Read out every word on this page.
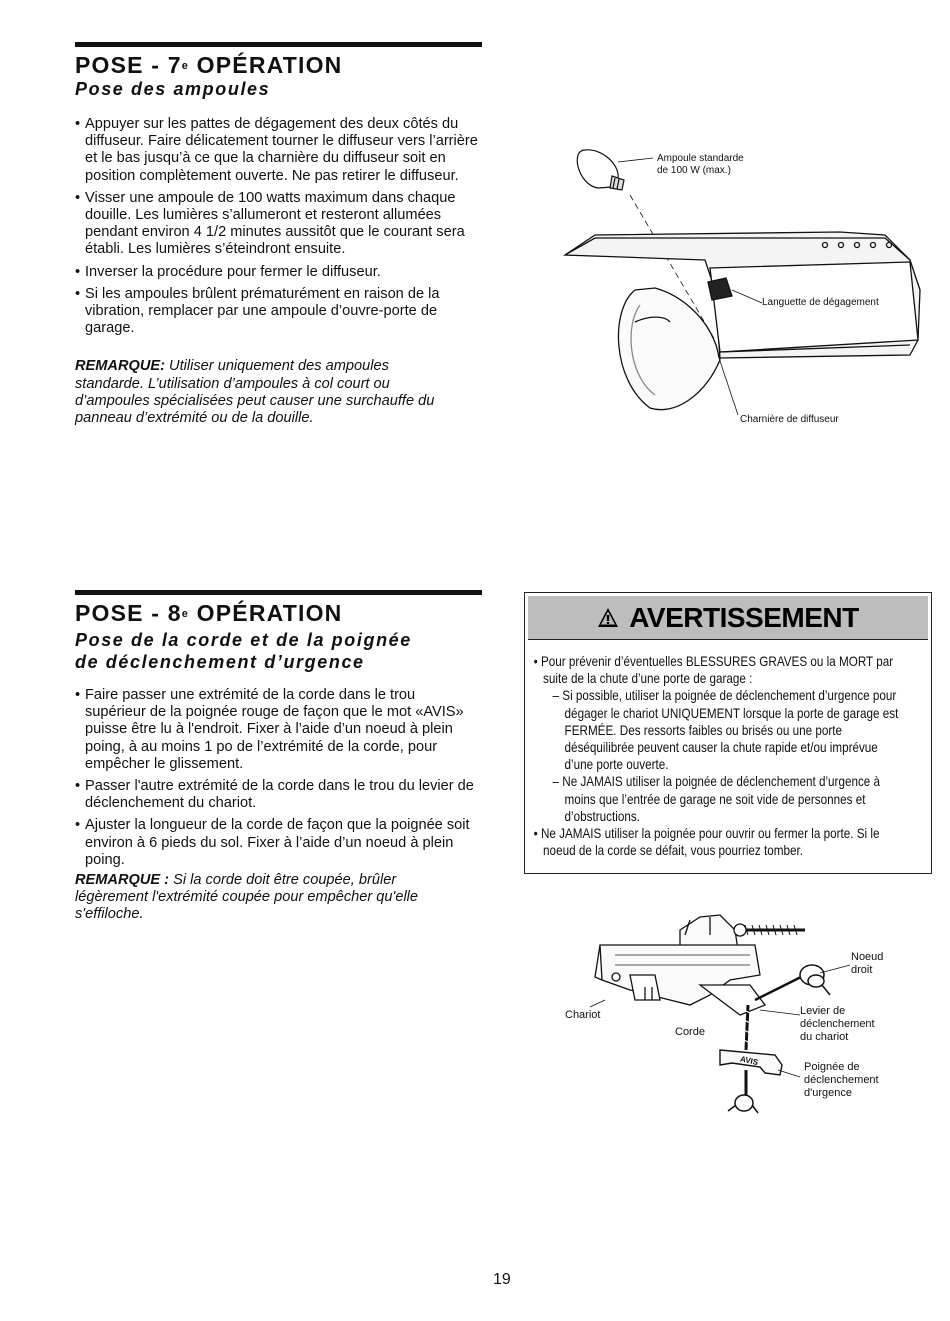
POSE - 7e OPÉRATION
Pose des ampoules
• Appuyer sur les pattes de dégagement des deux côtés du diffuseur. Faire délicatement tourner le diffuseur vers l’arrière et le bas jusqu’à ce que la charnière du diffuseur soit en position complètement ouverte. Ne pas retirer le diffuseur.
• Visser une ampoule de 100 watts maximum dans chaque douille. Les lumières s’allumeront et resteront allumées pendant environ 4 1/2 minutes aussitôt que le courant sera établi. Les lumières s’éteindront ensuite.
• Inverser la procédure pour fermer le diffuseur.
• Si les ampoules brûlent prématurément en raison de la vibration, remplacer par une ampoule d’ouvre-porte de garage.

REMARQUE: Utiliser uniquement des ampoules standarde. L’utilisation d’ampoules à col court ou d’ampoules spécialisées peut causer une surchauffe du panneau d’extrémité ou de la douille.

Ampoule standarde
de 100 W (max.)
Languette de dégagement
Charnière de diffuseur
POSE - 8e OPÉRATION
Pose de la corde et de la poignée
de déclenchement d’urgence
• Faire passer une extrémité de la corde dans le trou supérieur de la poignée rouge de façon que le mot «AVIS» puisse être lu à l'endroit. Fixer à l’aide d’un noeud à plein poing, à au moins 1 po de l’extrémité de la corde, pour empêcher le glissement.
• Passer l'autre extrémité de la corde dans le trou du levier de déclenchement du chariot.
• Ajuster la longueur de la corde de façon que la poignée soit environ à 6 pieds du sol. Fixer à l’aide d’un noeud à plein poing.

REMARQUE : Si la corde doit être coupée, brûler légèrement l'extrémité coupée pour empêcher qu'elle s'effiloche.

AVERTISSEMENT
• Pour prévenir d’éventuelles BLESSURES GRAVES ou la MORT par suite de la chute d’une porte de garage :
– Si possible, utiliser la poignée de déclenchement d’urgence pour dégager le chariot UNIQUEMENT lorsque la porte de garage est FERMÉE. Des ressorts faibles ou brisés ou une porte déséquilibrée peuvent causer la chute rapide et/ou imprévue d’une porte ouverte.
– Ne JAMAIS utiliser la poignée de déclenchement d’urgence à moins que l’entrée de garage ne soit vide de personnes et d’obstructions.
• Ne JAMAIS utiliser la poignée pour ouvrir ou fermer la porte. Si le noeud de la corde se défait, vous pourriez tomber.
AVIS
Noeud
droit
Chariot
Corde
Levier de
déclenchement
du chariot
Poignée de
déclenchement
d'urgence
19
